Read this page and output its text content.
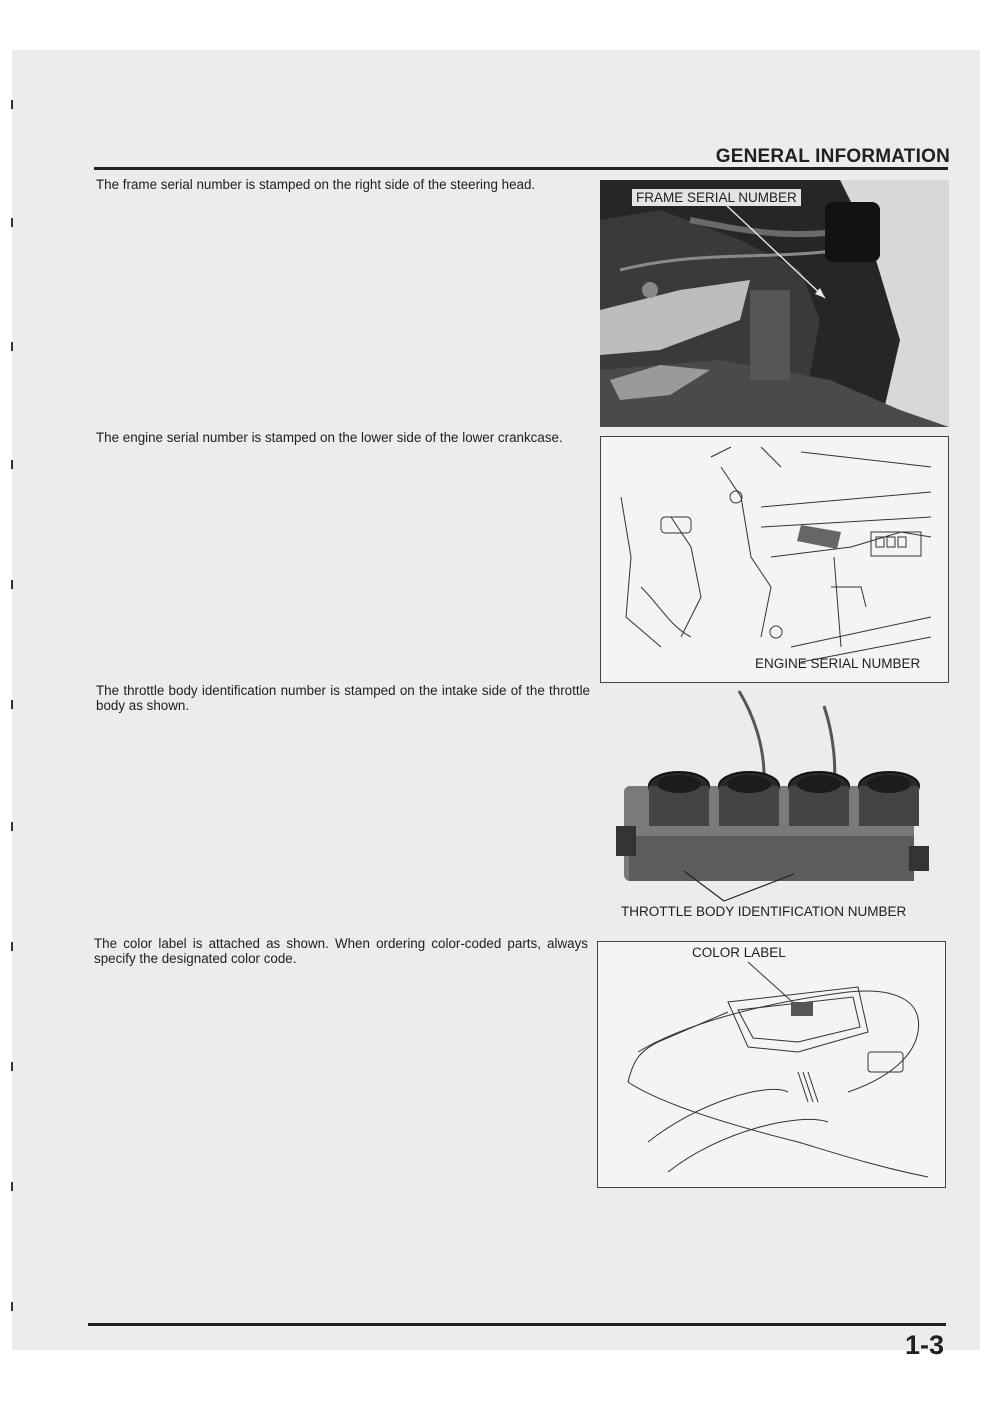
GENERAL INFORMATION
The frame serial number is stamped on the right side of the steering head.
FRAME SERIAL NUMBER
The engine serial number is stamped on the lower side of the lower crankcase.
ENGINE SERIAL NUMBER
The throttle body identification number is stamped on the intake side of the throttle body as shown.
THROTTLE BODY IDENTIFICATION NUMBER
The color label is attached as shown. When ordering color-coded parts, always specify the designated color code.	COLOR LABEL
1-3
